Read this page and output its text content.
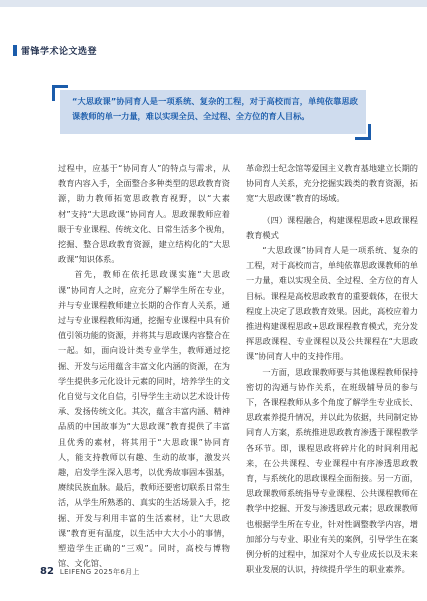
雷锋学术论文选登
“大思政课”协同育人是一项系统、复杂的工程，对于高校而言，单纯依靠思政课教师的单一力量，难以实现全员、全过程、全方位的育人目标。

过程中，应基于“协同育人”的特点与需求，从教育内容入手，全面整合多种类型的思政教育资源，助力教师拓宽思政教育视野，以“大素材”支持“大思政课”协同育人。思政课教师应着眼于专业课程、传统文化、日常生活多个视角，挖掘、整合思政教育资源，建立结构化的“大思政课”知识体系。

首先，教师在依托思政课实施“大思政课”协同育人之时，应充分了解学生所在专业，并与专业课程教师建立长期的合作育人关系，通过与专业课程教师沟通，挖掘专业课程中具有价值引领功能的资源，并将其与思政课内容整合在一起。如，面向设计类专业学生，教师通过挖掘、开发与运用蕴含丰富文化内涵的资源，在为学生提供多元化设计元素的同时，培养学生的文化自觉与文化自信，引导学生主动以艺术设计传承、发扬传统文化。其次，蕴含丰富内涵、精神品质的中国故事为“大思政课”教育提供了丰富且优秀的素材，将其用于“大思政课”协同育人，能支持教师以有趣、生动的故事，激发兴趣，启发学生深入思考，以优秀故事固本强基，赓续民族血脉。最后，教师还要密切联系日常生活，从学生所熟悉的、真实的生活场景入手，挖掘、开发与利用丰富的生活素材，让“大思政课”教育更有温度，以生活中大大小小的事情，塑造学生正确的“三观”。同时，高校与博物馆、文化馆、

革命烈士纪念馆等爱国主义教育基地建立长期的协同育人关系，充分挖掘实践类的教育资源，拓宽“大思政课”教育的场域。

（四）课程融合，构建课程思政+思政课程教育模式

“大思政课”协同育人是一项系统、复杂的工程，对于高校而言，单纯依靠思政课教师的单一力量，难以实现全员、全过程、全方位的育人目标。课程是高校思政教育的重要载体，在很大程度上决定了思政教育效果。因此，高校应着力推进构建课程思政+思政课程教育模式，充分发挥思政课程、专业课程以及公共课程在“大思政课”协同育人中的支持作用。

一方面，思政课教师要与其他课程教师保持密切的沟通与协作关系，在班级辅导员的参与下，各课程教师从多个角度了解学生专业成长、思政素养提升情况，并以此为依据，共同制定协同育人方案，系统推进思政教育渗透于课程教学各环节。即，课程思政将碎片化的时间利用起来，在公共课程、专业课程中有序渗透思政教育，与系统化的思政课程全面衔接。另一方面，思政课教师系统指导专业课程、公共课程教师在教学中挖掘、开发与渗透思政元素；思政课教师也根据学生所在专业，针对性调整教学内容，增加部分与专业、职业有关的案例，引导学生在案例分析的过程中，加深对个人专业成长以及未来职业发展的认识，持续提升学生的职业素养。

82 LEIFENG 2025年6月上
